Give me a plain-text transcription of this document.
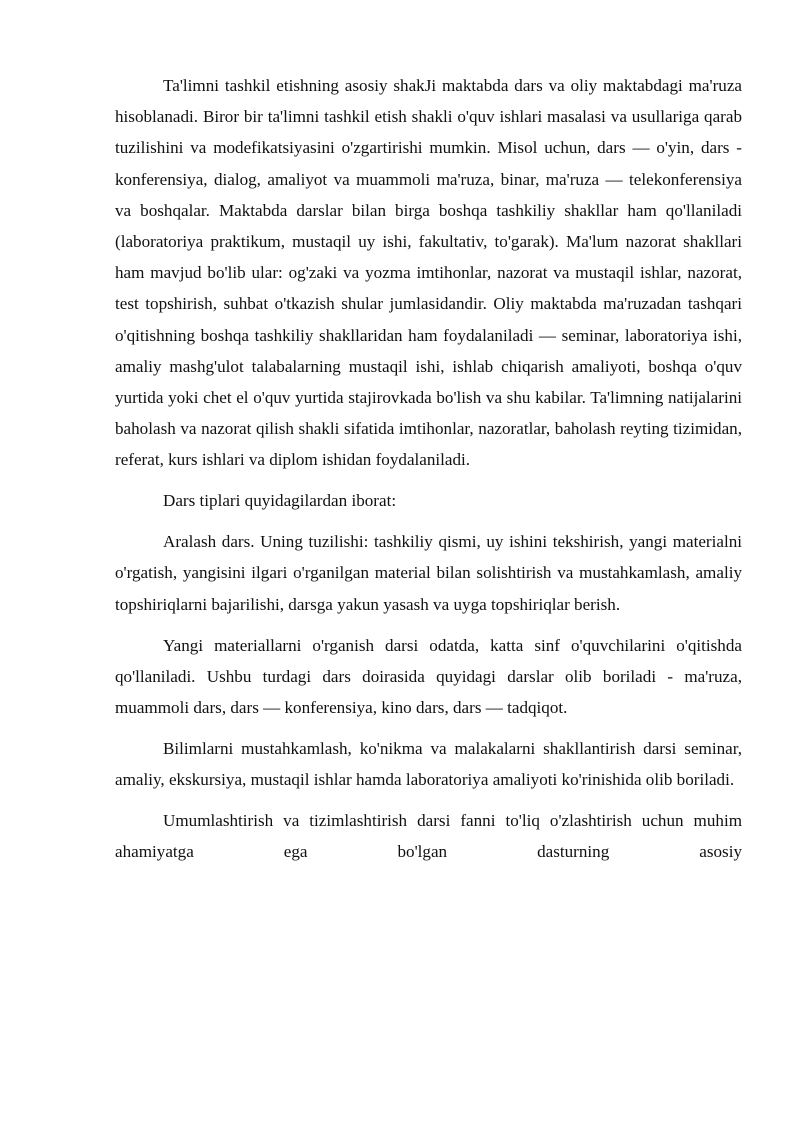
Ta'limni tashkil etishning asosiy shakJi maktabda dars va oliy maktabdagi ma'ruza hisoblanadi. Biror bir ta'limni tashkil etish shakli o'quv ishlari masalasi va usullariga qarab tuzilishini va modefikatsiyasini o'zgartirishi mumkin. Misol uchun, dars — o'yin, dars - konferensiya, dialog, amaliyot va muammoli ma'ruza, binar, ma'ruza — telekonferensiya va boshqalar. Maktabda darslar bilan birga boshqa tashkiliy shakllar ham qo'llaniladi (laboratoriya praktikum, mustaqil uy ishi, fakultativ, to'garak). Ma'lum nazorat shakllari ham mavjud bo'lib ular: og'zaki va yozma imtihonlar, nazorat va mustaqil ishlar, nazorat, test topshirish, suhbat o'tkazish shular jumlasidandir. Oliy maktabda ma'ruzadan tashqari o'qitishning boshqa tashkiliy shakllaridan ham foydalaniladi — seminar, laboratoriya ishi, amaliy mashg'ulot talabalarning mustaqil ishi, ishlab chiqarish amaliyoti, boshqa o'quv yurtida yoki chet el o'quv yurtida stajirovkada bo'lish va shu kabilar. Ta'limning natijalarini baholash va nazorat qilish shakli sifatida imtihonlar, nazoratlar, baholash reyting tizimidan, referat, kurs ishlari va diplom ishidan foydalaniladi.

Dars tiplari quyidagilardan iborat:

Aralash dars. Uning tuzilishi: tashkiliy qismi, uy ishini tekshirish, yangi materialni o'rgatish, yangisini ilgari o'rganilgan material bilan solishtirish va mustahkamlash, amaliy topshiriqlarni bajarilishi, darsga yakun yasash va uyga topshiriqlar berish.

Yangi materiallarni o'rganish darsi odatda, katta sinf o'quvchilarini o'qitishda qo'llaniladi. Ushbu turdagi dars doirasida quyidagi darslar olib boriladi - ma'ruza, muammoli dars, dars — konferensiya, kino dars, dars — tadqiqot.

Bilimlarni mustahkamlash, ko'nikma va malakalarni shakllantirish darsi seminar, amaliy, ekskursiya, mustaqil ishlar hamda laboratoriya amaliyoti ko'rinishida olib boriladi.

Umumlashtirish va tizimlashtirish darsi fanni to'liq o'zlashtirish uchun muhim ahamiyatga ega bo'lgan dasturning asosiy
